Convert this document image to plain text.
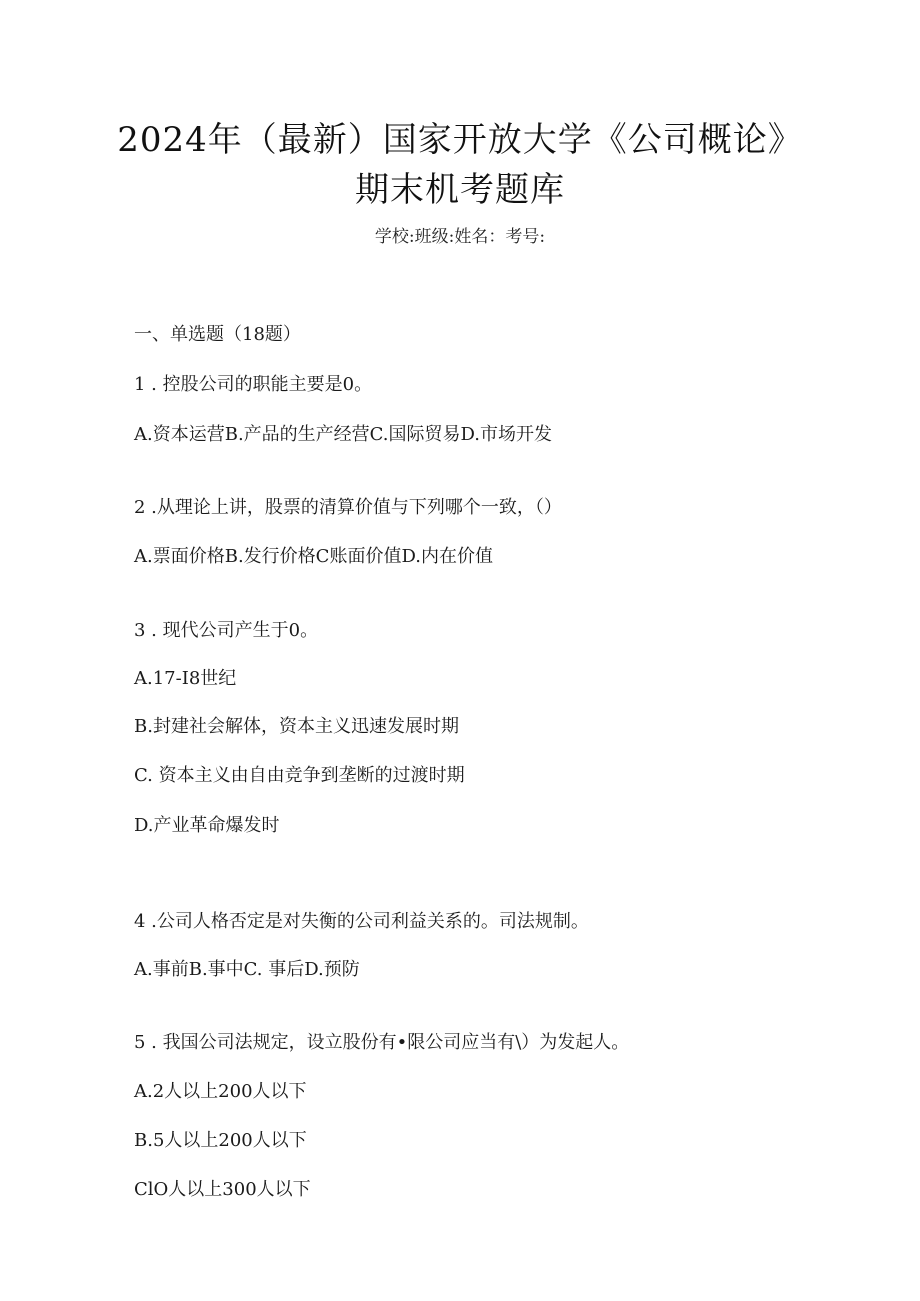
2024年（最新）国家开放大学《公司概论》
期末机考题库
学校:班级:姓名：考号:
一、单选题（18题）
1 . 控股公司的职能主要是0。
A.资本运营B.产品的生产经营C.国际贸易D.市场开发
2 .从理论上讲，股票的清算价值与下列哪个一致，（）
A.票面价格B.发行价格C账面价值D.内在价值
3 . 现代公司产生于0。
A.17-I8世纪
B.封建社会解体，资本主义迅速发展时期
C. 资本主义由自由竞争到垄断的过渡时期
D.产业革命爆发时
4 .公司人格否定是对失衡的公司利益关系的。司法规制。
A.事前B.事中C. 事后D.预防
5 . 我国公司法规定，设立股份有•限公司应当有\）为发起人。
A.2人以上200人以下
B.5人以上200人以下
ClO人以上300人以下
